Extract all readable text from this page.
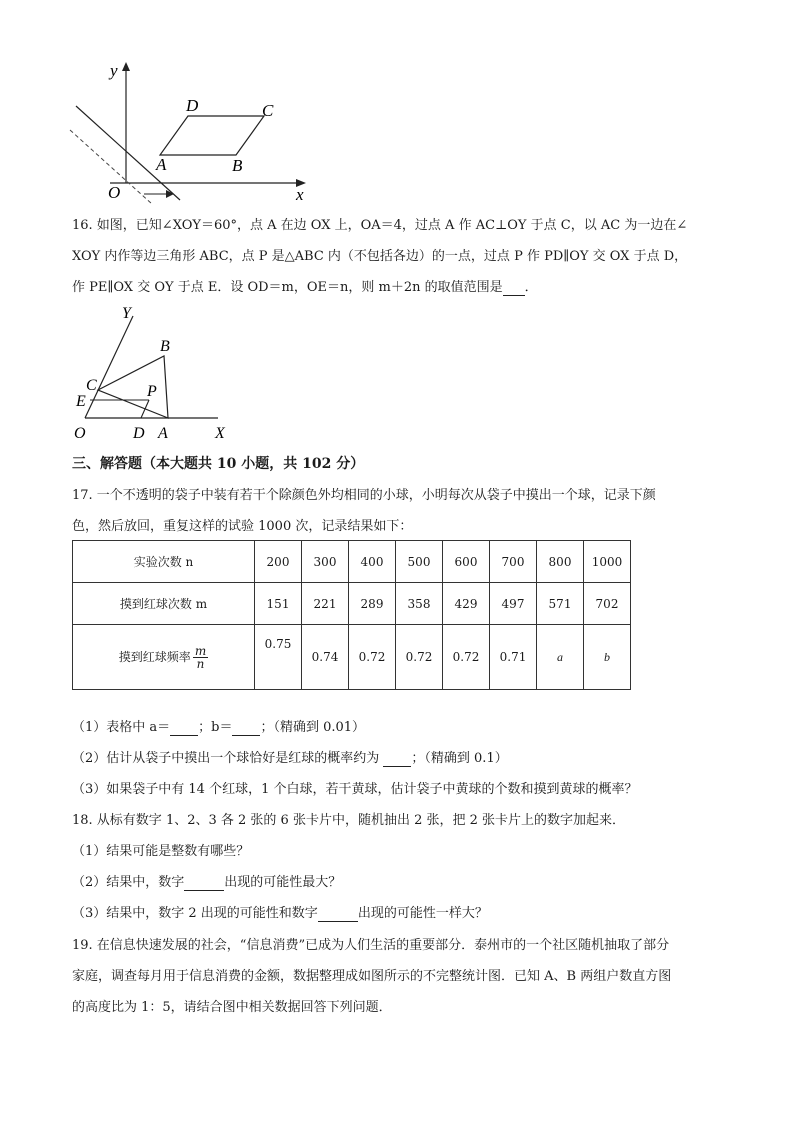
y
x
O
A	B
C
D
16. 如图，已知∠XOY＝60°，点 A 在边 OX 上，OA＝4，过点 A 作 AC⊥OY 于点 C，以 AC 为一边在∠
XOY 内作等边三角形 ABC，点 P 是△ABC 内（不包括各边）的一点，过点 P 作 PD∥OY 交 OX 于点 D，
作 PE∥OX 交 OY 于点 E．设 OD＝m，OE＝n，则 m＋2n 的取值范围是 ．
Y
B
C	P
E
O	D A	X
三、解答题（本大题共 10 小题，共 102 分）
17. 一个不透明的袋子中装有若干个除颜色外均相同的小球，小明每次从袋子中摸出一个球，记录下颜
色，然后放回，重复这样的试验 1000 次，记录结果如下：
实验次数 n	200	300	400	500	600	700	800	1000
摸到红球次数 m	151	221	289	358	429	497	571	702
摸到红球频率 $\frac{m}{n}$	0.75	0.74	0.72	0.72	0.72	0.71	a	b
（1）表格中 a＝ ；b＝ ；（精确到 0.01）
（2）估计从袋子中摸出一个球恰好是红球的概率约为  ；（精确到 0.1）
（3）如果袋子中有 14 个红球，1 个白球，若干黄球，估计袋子中黄球的个数和摸到黄球的概率？
18. 从标有数字 1、2、3 各 2 张的 6 张卡片中，随机抽出 2 张，把 2 张卡片上的数字加起来．
（1）结果可能是整数有哪些？
（2）结果中，数字	出现的可能性最大？
（3）结果中，数字 2 出现的可能性和数字	出现的可能性一样大？
19. 在信息快速发展的社会，“信息消费”已成为人们生活的重要部分．泰州市的一个社区随机抽取了部分
家庭，调查每月用于信息消费的金额，数据整理成如图所示的不完整统计图．已知 A、B 两组户数直方图
的高度比为 1：5，请结合图中相关数据回答下列问题．
